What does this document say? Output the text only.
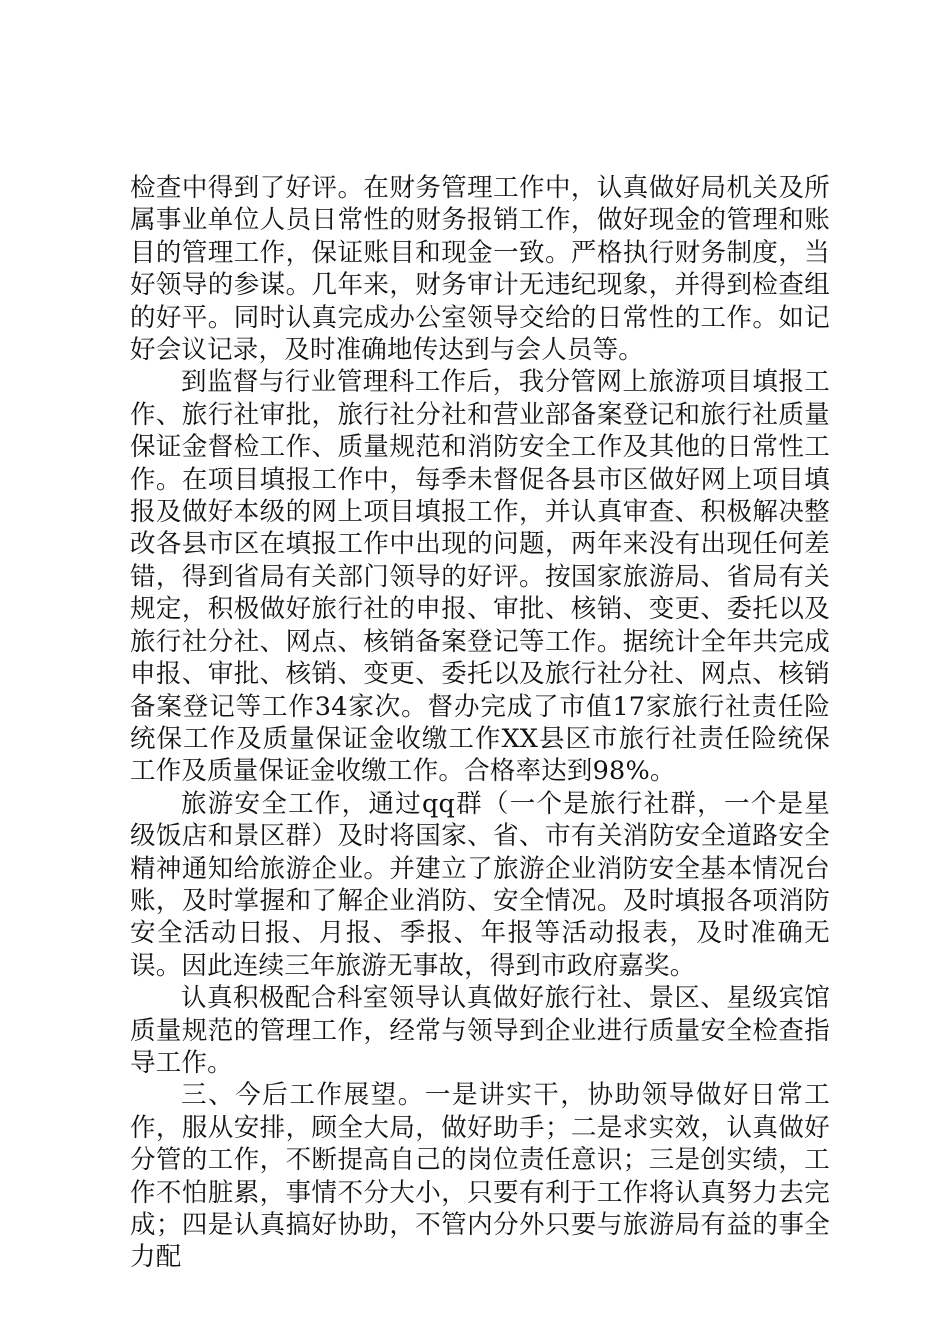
检查中得到了好评。在财务管理工作中，认真做好局机关及所属事业单位人员日常性的财务报销工作，做好现金的管理和账目的管理工作，保证账目和现金一致。严格执行财务制度，当好领导的参谋。几年来，财务审计无违纪现象，并得到检查组的好平。同时认真完成办公室领导交给的日常性的工作。如记好会议记录，及时准确地传达到与会人员等。

到监督与行业管理科工作后，我分管网上旅游项目填报工作、旅行社审批，旅行社分社和营业部备案登记和旅行社质量保证金督检工作、质量规范和消防安全工作及其他的日常性工作。在项目填报工作中，每季未督促各县市区做好网上项目填报及做好本级的网上项目填报工作，并认真审查、积极解决整改各县市区在填报工作中出现的问题，两年来没有出现任何差错，得到省局有关部门领导的好评。按国家旅游局、省局有关规定，积极做好旅行社的申报、审批、核销、变更、委托以及旅行社分社、网点、核销备案登记等工作。据统计全年共完成申报、审批、核销、变更、委托以及旅行社分社、网点、核销备案登记等工作34家次。督办完成了市值17家旅行社责任险统保工作及质量保证金收缴工作XX县区市旅行社责任险统保工作及质量保证金收缴工作。合格率达到98%。

旅游安全工作，通过qq群（一个是旅行社群，一个是星级饭店和景区群）及时将国家、省、市有关消防安全道路安全精神通知给旅游企业。并建立了旅游企业消防安全基本情况台账，及时掌握和了解企业消防、安全情况。及时填报各项消防安全活动日报、月报、季报、年报等活动报表，及时准确无误。因此连续三年旅游无事故，得到市政府嘉奖。

认真积极配合科室领导认真做好旅行社、景区、星级宾馆质量规范的管理工作，经常与领导到企业进行质量安全检查指导工作。

三、今后工作展望。一是讲实干，协助领导做好日常工作，服从安排，顾全大局，做好助手；二是求实效，认真做好分管的工作，不断提高自己的岗位责任意识；三是创实绩，工作不怕脏累，事情不分大小，只要有利于工作将认真努力去完成；四是认真搞好协助，不管内分外只要与旅游局有益的事全力配
